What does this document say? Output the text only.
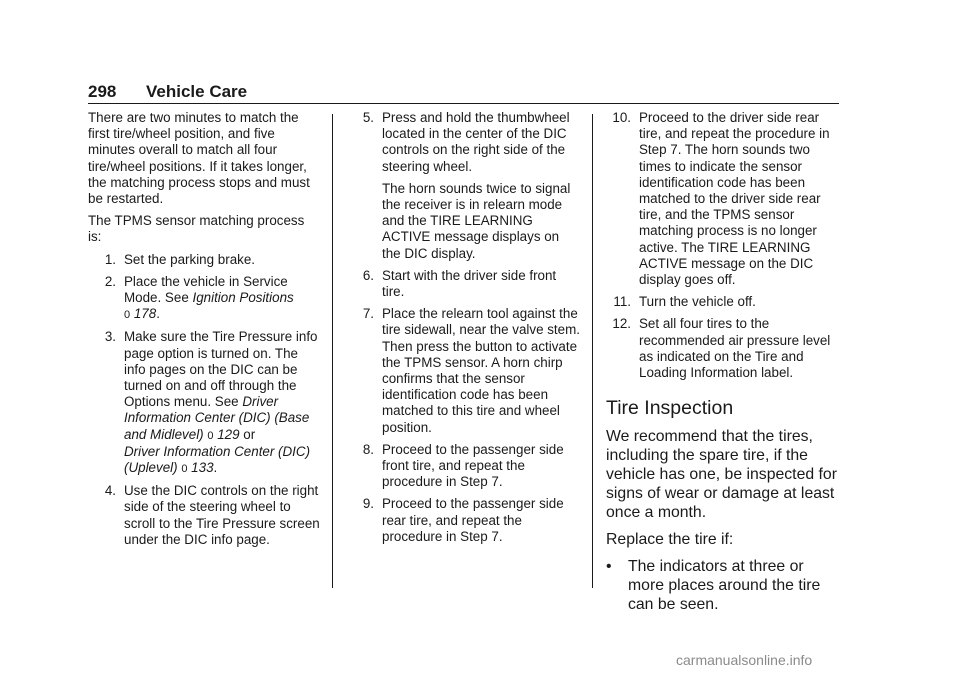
298 Vehicle Care

There are two minutes to match the first tire/wheel position, and five minutes overall to match all four tire/wheel positions. If it takes longer, the matching process stops and must be restarted.

The TPMS sensor matching process is:

1. Set the parking brake.
2. Place the vehicle in Service Mode. See Ignition Positions
0 178.
3. Make sure the Tire Pressure info page option is turned on. The info pages on the DIC can be turned on and off through the Options menu. See Driver Information Center (DIC) (Base and Midlevel) 0 129 or
Driver Information Center (DIC) (Uplevel) 0 133.
4. Use the DIC controls on the right side of the steering wheel to scroll to the Tire Pressure screen under the DIC info page.
5. Press and hold the thumbwheel located in the center of the DIC controls on the right side of the steering wheel.

The horn sounds twice to signal the receiver is in relearn mode and the TIRE LEARNING ACTIVE message displays on the DIC display.

6. Start with the driver side front tire.
7. Place the relearn tool against the tire sidewall, near the valve stem. Then press the button to activate the TPMS sensor. A horn chirp confirms that the sensor identification code has been matched to this tire and wheel position.
8. Proceed to the passenger side front tire, and repeat the procedure in Step 7.
9. Proceed to the passenger side rear tire, and repeat the procedure in Step 7.
10. Proceed to the driver side rear tire, and repeat the procedure in Step 7. The horn sounds two times to indicate the sensor identification code has been matched to the driver side rear tire, and the TPMS sensor matching process is no longer active. The TIRE LEARNING ACTIVE message on the DIC display goes off.
11. Turn the vehicle off.
12. Set all four tires to the recommended air pressure level as indicated on the Tire and Loading Information label.
Tire Inspection

We recommend that the tires, including the spare tire, if the vehicle has one, be inspected for signs of wear or damage at least once a month.

Replace the tire if:

•	The indicators at three or more places around the tire can be seen.
carmanualsonline.info
